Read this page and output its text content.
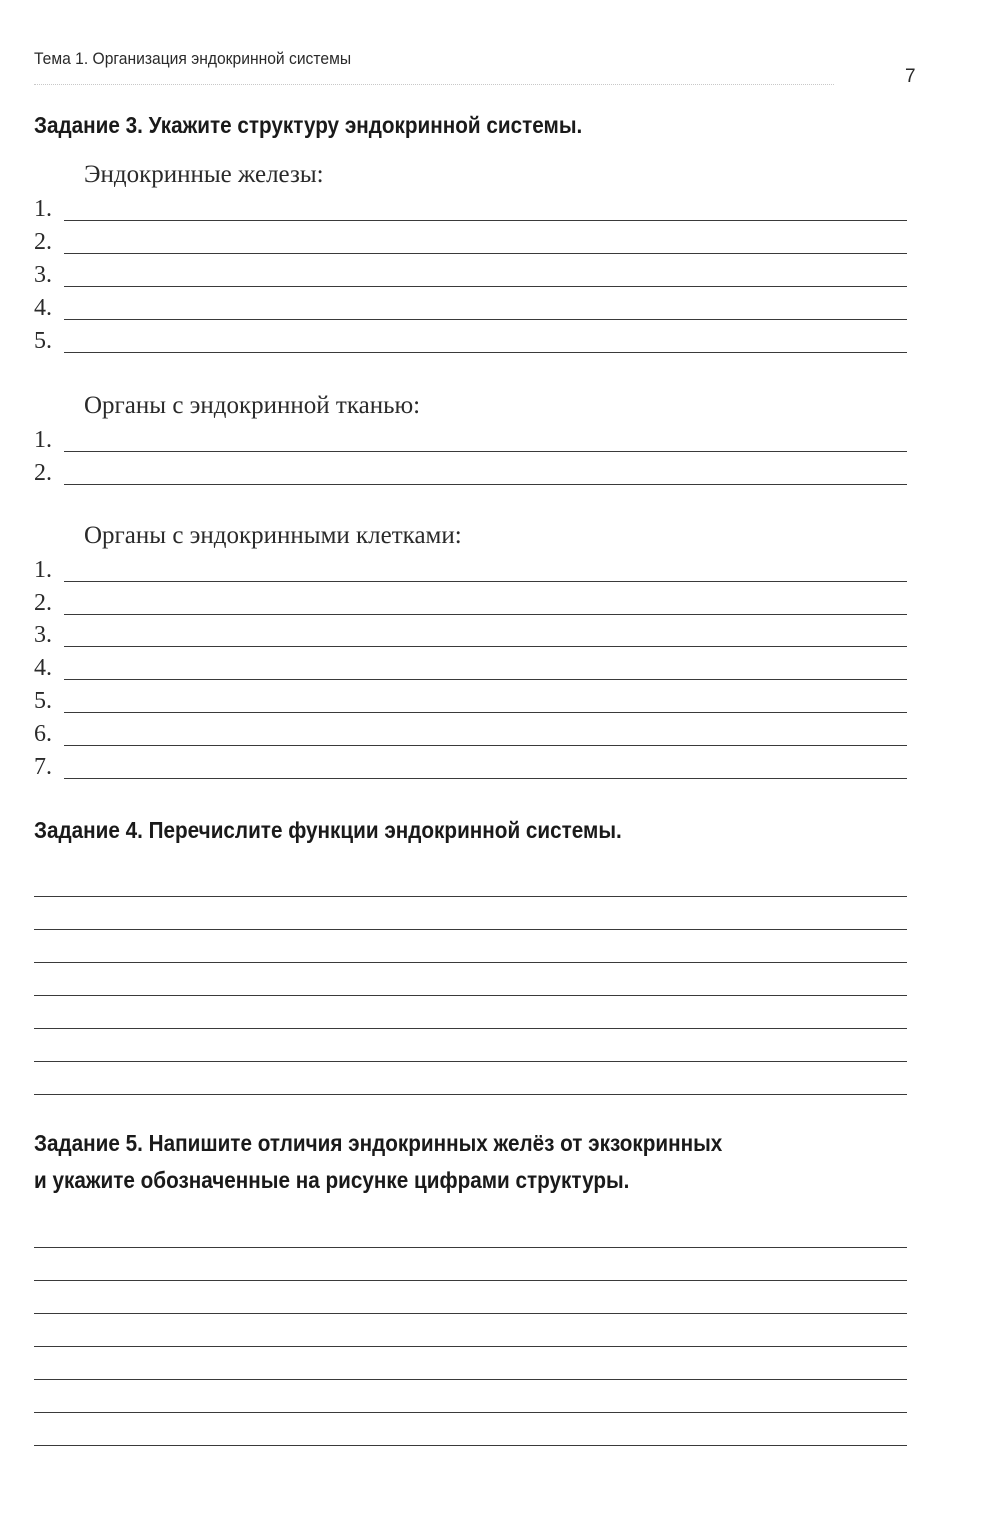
Тема 1. Организация эндокринной системы
7
Задание 3. Укажите структуру эндокринной системы.
Эндокринные железы:
1.
2.
3.
4.
5.
Органы с эндокринной тканью:
1.
2.
Органы с эндокринными клетками:
1.
2.
3.
4.
5.
6.
7.
Задание 4. Перечислите функции эндокринной системы.
Задание 5. Напишите отличия эндокринных желёз от экзокринных
и укажите обозначенные на рисунке цифрами структуры.
